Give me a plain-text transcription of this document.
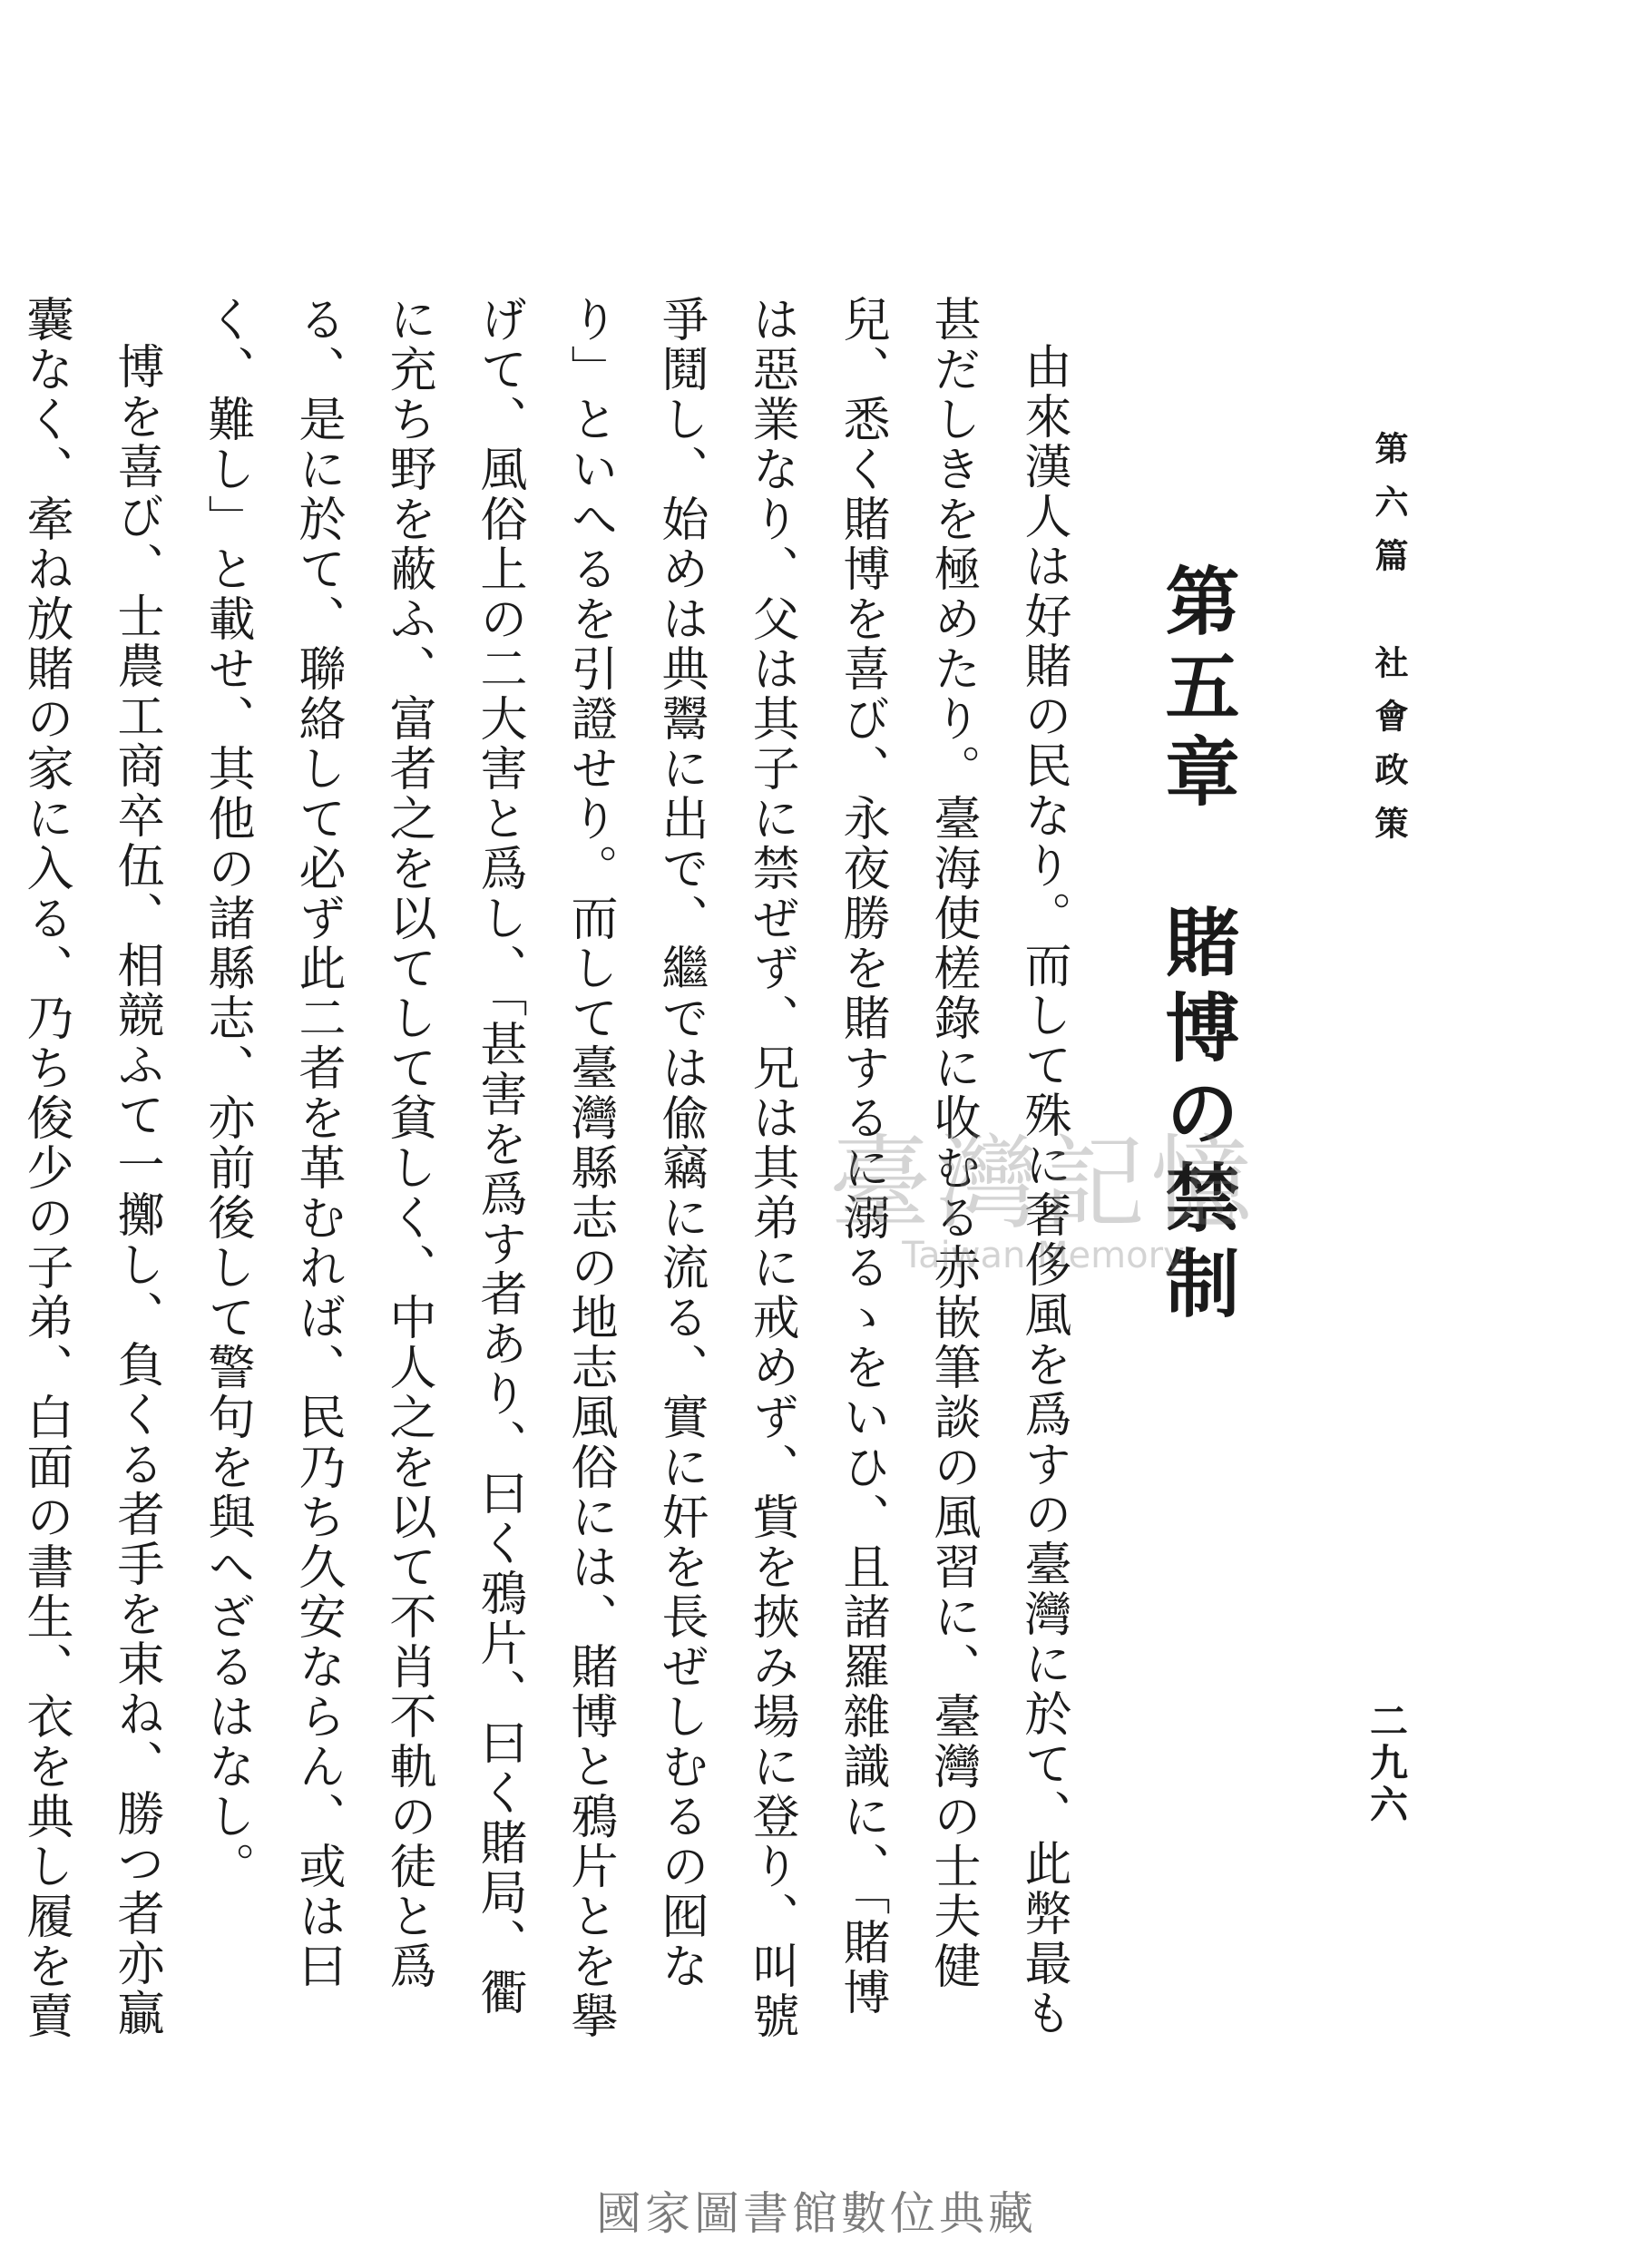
第六篇　社會政策
二九六
第五章　賭博の禁制

由來漢人は好賭の民なり。而して殊に奢侈風を爲すの臺灣に於て、此弊最も甚だしきを極めたり。臺海使槎錄に收むる赤嵌筆談の風習に、臺灣の士夫健兒、悉く賭博を喜び、永夜勝を賭するに溺るゝをいひ、且諸羅雜識に、「賭博は惡業なり、父は其子に禁ぜず、兄は其弟に戒めず、貲を挾み場に登り、叫號爭鬩し、始めは典鬻に出で、繼では偸竊に流る、實に奸を長ぜしむるの囮なり」といへるを引證せり。而して臺灣縣志の地志風俗には、賭博と鴉片とを擧げて、風俗上の二大害と爲し、「甚害を爲す者あり、曰く鴉片、曰く賭局、衢に充ち野を蔽ふ、富者之を以てして貧しく、中人之を以て不肖不軌の徒と爲る、是に於て、聯絡して必ず此二者を革むれば、民乃ち久安ならん、或は曰く、難し」と載せ、其他の諸縣志、亦前後して警句を與へざるはなし。

博を喜び、士農工商卒伍、相競ふて一擲し、負くる者手を束ね、勝つ者亦贏囊なく、牽ね放賭の家に入る、乃ち俊少の子弟、白面の書生、衣を典し履を賣

臺灣記憶
Taiwan Memory
國家圖書館數位典藏
